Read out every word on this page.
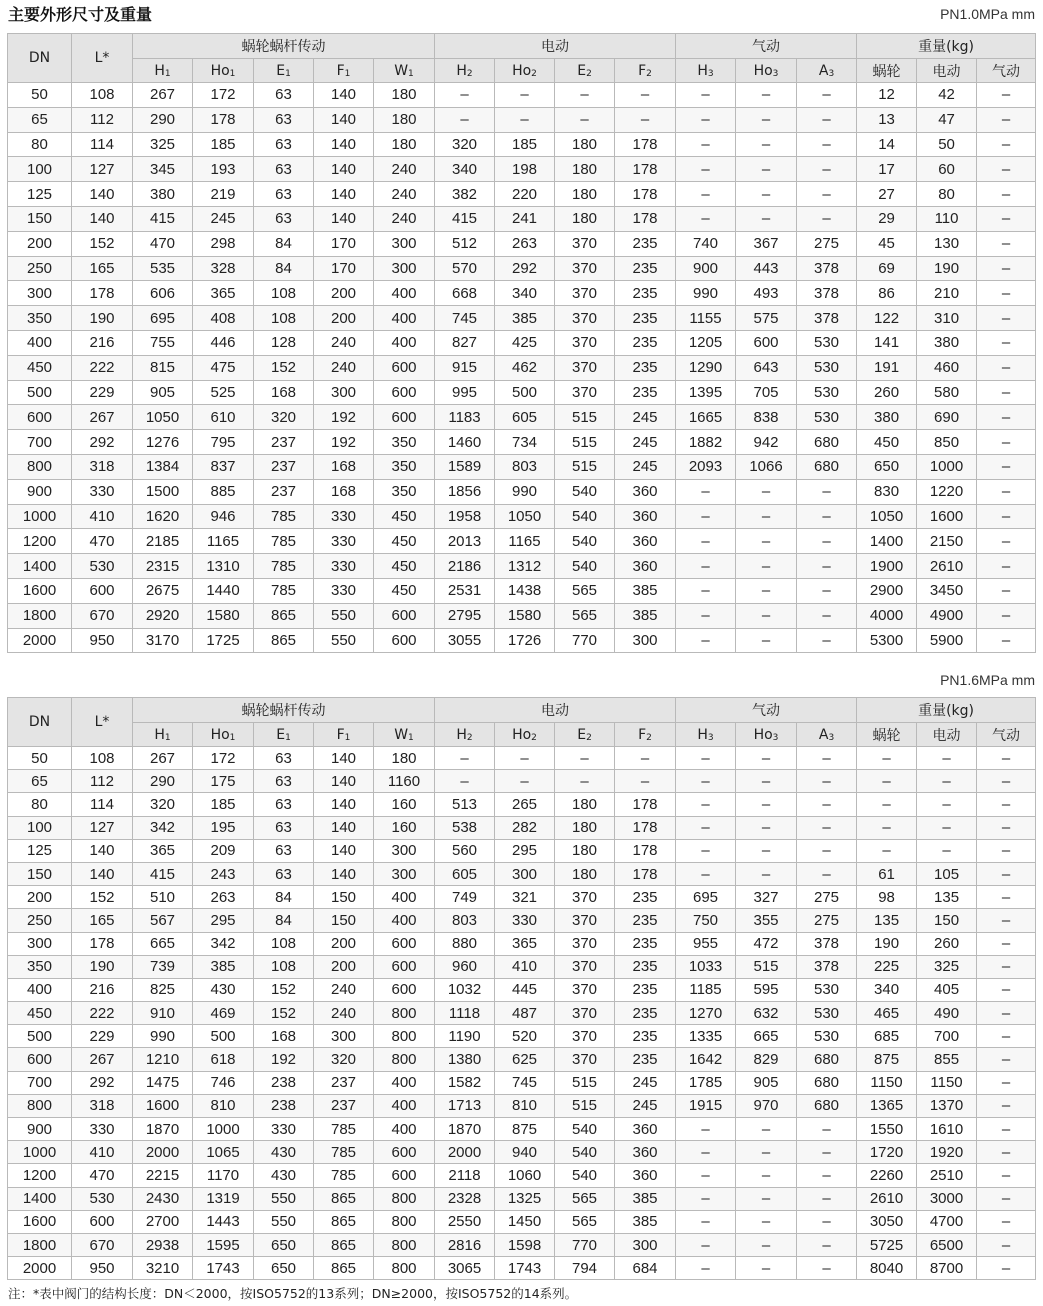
主要外形尺寸及重量	PN1.0MPa mm
DN	L*	蜗轮蜗杆传动					电动				气动			重量(kg)		
		$H_1$	$Ho_1$	$E_1$	$F_1$	$W_1$	$H_2$	$Ho_2$	$E_2$	$F_2$	$H_3$	$Ho_3$	$A_3$	蜗轮	电动	气动
50	108	267	172	63	140	180	–	–	–	–	–	–	–	12	42	–
65	112	290	178	63	140	180	–	–	–	–	–	–	–	13	47	–
80	114	325	185	63	140	180	320	185	180	178	–	–	–	14	50	–
100	127	345	193	63	140	240	340	198	180	178	–	–	–	17	60	–
125	140	380	219	63	140	240	382	220	180	178	–	–	–	27	80	–
150	140	415	245	63	140	240	415	241	180	178	–	–	–	29	110	–
200	152	470	298	84	170	300	512	263	370	235	740	367	275	45	130	–
250	165	535	328	84	170	300	570	292	370	235	900	443	378	69	190	–
300	178	606	365	108	200	400	668	340	370	235	990	493	378	86	210	–
350	190	695	408	108	200	400	745	385	370	235	1155	575	378	122	310	–
400	216	755	446	128	240	400	827	425	370	235	1205	600	530	141	380	–
450	222	815	475	152	240	600	915	462	370	235	1290	643	530	191	460	–
500	229	905	525	168	300	600	995	500	370	235	1395	705	530	260	580	–
600	267	1050	610	320	192	600	1183	605	515	245	1665	838	530	380	690	–
700	292	1276	795	237	192	350	1460	734	515	245	1882	942	680	450	850	–
800	318	1384	837	237	168	350	1589	803	515	245	2093	1066	680	650	1000	–
900	330	1500	885	237	168	350	1856	990	540	360	–	–	–	830	1220	–
1000	410	1620	946	785	330	450	1958	1050	540	360	–	–	–	1050	1600	–
1200	470	2185	1165	785	330	450	2013	1165	540	360	–	–	–	1400	2150	–
1400	530	2315	1310	785	330	450	2186	1312	540	360	–	–	–	1900	2610	–
1600	600	2675	1440	785	330	450	2531	1438	565	385	–	–	–	2900	3450	–
1800	670	2920	1580	865	550	600	2795	1580	565	385	–	–	–	4000	4900	–
2000	950	3170	1725	865	550	600	3055	1726	770	300	–	–	–	5300	5900	–
PN1.6MPa mm
DN	L*	蜗轮蜗杆传动					电动				气动			重量(kg)		
		$H_1$	$Ho_1$	$E_1$	$F_1$	$W_1$	$H_2$	$Ho_2$	$E_2$	$F_2$	$H_3$	$Ho_3$	$A_3$	蜗轮	电动	气动
50	108	267	172	63	140	180	–	–	–	–	–	–	–	–	–	–
65	112	290	175	63	140	1160	–	–	–	–	–	–	–	–	–	–
80	114	320	185	63	140	160	513	265	180	178	–	–	–	–	–	–
100	127	342	195	63	140	160	538	282	180	178	–	–	–	–	–	–
125	140	365	209	63	140	300	560	295	180	178	–	–	–	–	–	–
150	140	415	243	63	140	300	605	300	180	178	–	–	–	61	105	–
200	152	510	263	84	150	400	749	321	370	235	695	327	275	98	135	–
250	165	567	295	84	150	400	803	330	370	235	750	355	275	135	150	–
300	178	665	342	108	200	600	880	365	370	235	955	472	378	190	260	–
350	190	739	385	108	200	600	960	410	370	235	1033	515	378	225	325	–
400	216	825	430	152	240	600	1032	445	370	235	1185	595	530	340	405	–
450	222	910	469	152	240	800	1118	487	370	235	1270	632	530	465	490	–
500	229	990	500	168	300	800	1190	520	370	235	1335	665	530	685	700	–
600	267	1210	618	192	320	800	1380	625	370	235	1642	829	680	875	855	–
700	292	1475	746	238	237	400	1582	745	515	245	1785	905	680	1150	1150	–
800	318	1600	810	238	237	400	1713	810	515	245	1915	970	680	1365	1370	–
900	330	1870	1000	330	785	400	1870	875	540	360	–	–	–	1550	1610	–
1000	410	2000	1065	430	785	600	2000	940	540	360	–	–	–	1720	1920	–
1200	470	2215	1170	430	785	600	2118	1060	540	360	–	–	–	2260	2510	–
1400	530	2430	1319	550	865	800	2328	1325	565	385	–	–	–	2610	3000	–
1600	600	2700	1443	550	865	800	2550	1450	565	385	–	–	–	3050	4700	–
1800	670	2938	1595	650	865	800	2816	1598	770	300	–	–	–	5725	6500	–
2000	950	3210	1743	650	865	800	3065	1743	794	684	–	–	–	8040	8700	–
注：*表中阀门的结构长度：DN＜2000，按ISO5752的13系列；DN≥2000，按ISO5752的14系列。
